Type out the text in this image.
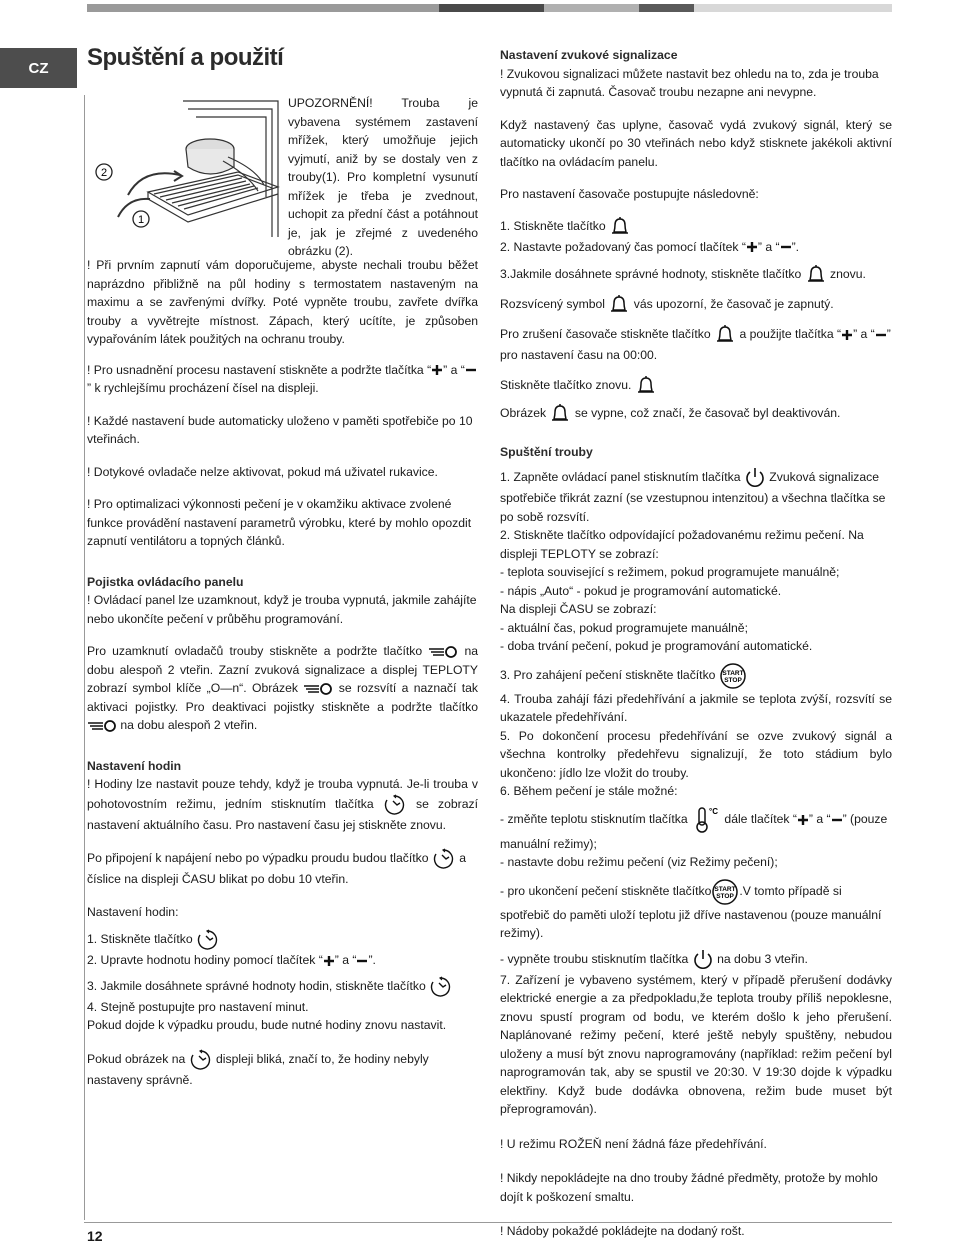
CZ	Spuštění a použití
12
2
1

UPOZORNĚNÍ! Trouba je vybavena systémem zastavení mřížek, který umožňuje jejich vyjmutí, aniž by se dostaly ven z trouby(1). Pro kompletní vysunutí mřížek je třeba je zvednout, uchopit za přední část a potáhnout je, jak je zřejmé z uvedeného obrázku (2).

! Při prvním zapnutí vám doporučujeme, abyste nechali troubu běžet naprázdno přibližně na půl hodiny s termostatem nastaveným na maximu a se zavřenými dvířky. Poté vypněte troubu, zavřete dvířka trouby a vyvětrejte místnost. Zápach, který ucítíte, je způsoben vypařováním látek použitých na ochranu trouby.

! Pro usnadnění procesu nastavení stiskněte a podržte tlačítka “ ” a “
” k rychlejšímu procházení čísel na displeji.

! Každé nastavení bude automaticky uloženo v paměti spotřebiče po 10 vteřinách.

! Dotykové ovladače nelze aktivovat, pokud má uživatel rukavice.

! Pro optimalizaci výkonnosti pečení je v okamžiku aktivace zvolené funkce provádění nastavení parametrů výrobku, které by mohlo opozdit zapnutí ventilátoru a topných článků.

Pojistka ovládacího panelu

! Ovládací panel lze uzamknout, když je trouba vypnutá, jakmile zahájíte nebo ukončíte pečení v průběhu programování.

Pro uzamknutí ovladačů trouby stiskněte a podržte tlačítko	na dobu alespoň 2 vteřin. Zazní zvuková signalizace a displej TEPLOTY zobrazí symbol klíče „O—n“. Obrázek	se rozsvítí a naznačí tak aktivaci pojistky. Pro deaktivaci pojistky stiskněte a podržte tlačítko
na dobu alespoň 2 vteřin.

Nastavení hodin

! Hodiny lze nastavit pouze tehdy, když je trouba vypnutá. Je-li trouba v pohotovostním režimu, jedním stisknutím tlačítka	se zobrazí nastavení aktuálního času. Pro nastavení času jej stiskněte znovu.

Po připojení k napájení nebo po výpadku proudu budou tlačítko	a číslice na displeji ČASU blikat po dobu 10 vteřin.

Nastavení hodin:

1. Stiskněte tlačítko

2. Upravte hodnotu hodiny pomocí tlačítek “ ” a “ ”.

3. Jakmile dosáhnete správné hodnoty hodin, stiskněte tlačítko

4. Stejně postupujte pro nastavení minut.

Pokud dojde k výpadku proudu, bude nutné hodiny znovu nastavit.

Pokud obrázek na	displeji bliká, značí to, že hodiny nebyly nastaveny správně.

Nastavení zvukové signalizace

! Zvukovou signalizaci můžete nastavit bez ohledu na to, zda je trouba vypnutá či zapnutá. Časovač troubu nezapne ani nevypne.

Když nastavený čas uplyne, časovač vydá zvukový signál, který se automaticky ukončí po 30 vteřinách nebo když stisknete jakékoli aktivní tlačítko na ovládacím panelu.

Pro nastavení časovače postupujte následovně:

1. Stiskněte tlačítko

2. Nastavte požadovaný čas pomocí tlačítek “ ” a “ ”.

3.Jakmile dosáhnete správné hodnoty, stiskněte tlačítko znovu.

Rozsvícený symbol vás upozorní, že časovač je zapnutý.

Pro zrušení časovače stiskněte tlačítko a použijte tlačítka “ ” a “ ” pro nastavení času na 00:00.

Stiskněte tlačítko znovu.

Obrázek se vypne, což značí, že časovač byl deaktivován.

Spuštění trouby

1. Zapněte ovládací panel stisknutím tlačítka Zvuková signalizace spotřebiče třikrát zazní (se vzestupnou intenzitou) a všechna tlačítka se po sobě rozsvítí.

2. Stiskněte tlačítko odpovídající požadovanému režimu pečení. Na displeji TEPLOTY se zobrazí:

- teplota související s režimem, pokud programujete manuálně;

- nápis „Auto“ - pokud je programování automatické.

Na displeji ČASU se zobrazí:

- aktuální čas, pokud programujete manuálně;

- doba trvání pečení, pokud je programování automatické.

3. Pro zahájení pečení stiskněte tlačítko START
STOP

4. Trouba zahájí fázi předehřívání a jakmile se teplota zvýší, rozsvítí se ukazatele předehřívání.

5. Po dokončení procesu předehřívání se ozve zvukový signál a všechna kontrolky předehřevu signalizují, že toto stádium bylo ukončeno: jídlo lze vložit do trouby.

6. Během pečení je stále možné:

- změňte teplotu stisknutím tlačítka
°C
dále tlačítek “ ” a “ ” (pouze manuální režimy);

- nastavte dobu režimu pečení (viz Režimy pečení);

- pro ukončení pečení stiskněte tlačítko START
STOP .V tomto případě si spotřebič do paměti uloží teplotu již dříve nastavenou (pouze manuální režimy).

- vypněte troubu stisknutím tlačítka na dobu 3 vteřin.

7. Zařízení je vybaveno systémem, který v případě přerušení dodávky elektrické energie a za předpokladu,že teplota trouby příliš nepoklesne, znovu spustí program od bodu, ve kterém došlo k jeho přerušení. Naplánované režimy pečení, které ještě nebyly spuštěny, nebudou uloženy a musí být znovu naprogramovány (například: režim pečení byl naprogramován tak, aby se spustil ve 20:30. V 19:30 dojde k výpadku elektřiny. Když bude dodávka obnovena, režim bude muset být přeprogramován).

! U režimu ROŽEŇ není žádná fáze předehřívání.

! Nikdy nepokládejte na dno trouby žádné předměty, protože by mohlo dojít k poškození smaltu.

! Nádoby pokaždé pokládejte na dodaný rošt.
